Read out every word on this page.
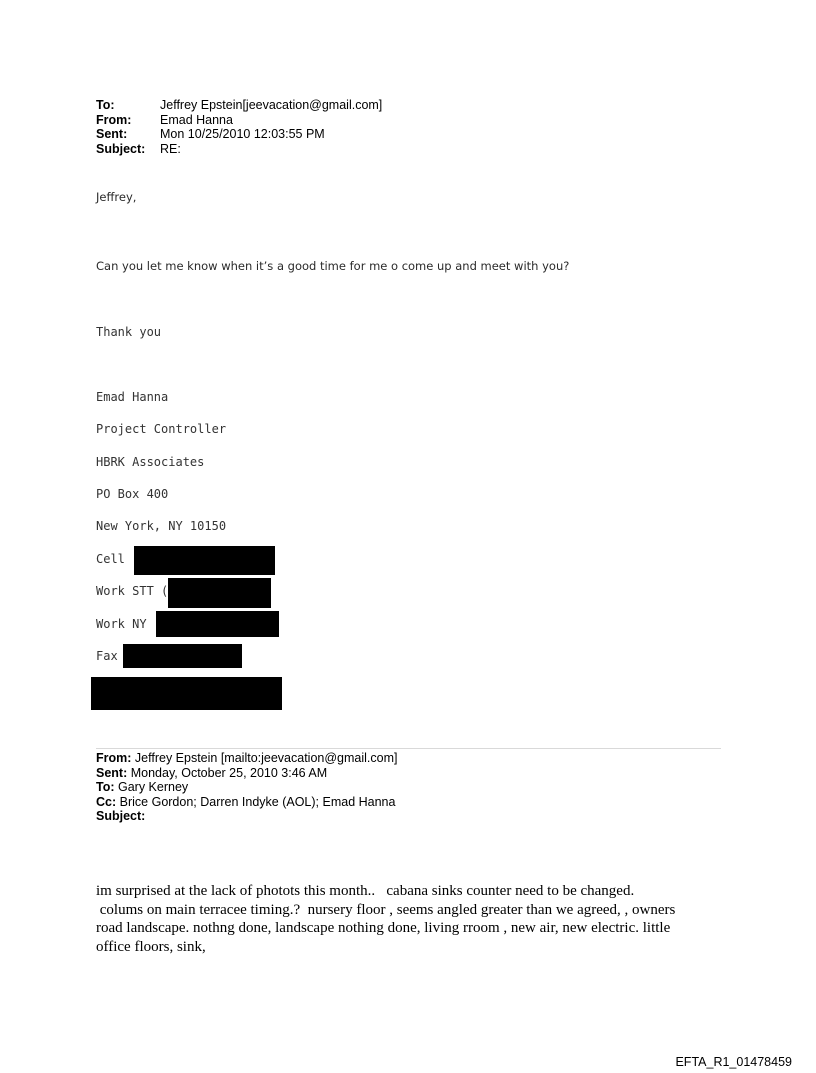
To:	Jeffrey Epstein[jeevacation@gmail.com]
From:	Emad Hanna
Sent:	Mon 10/25/2010 12:03:55 PM
Subject:	RE:
Jeffrey,
Can you let me know when it’s a good time for me o come up and meet with you?
Thank you
Emad Hanna
Project Controller
HBRK Associates
PO Box 400
New York, NY 10150
Cell
Work STT (
Work NY
Fax
From: Jeffrey Epstein [mailto:jeevacation@gmail.com]
Sent: Monday, October 25, 2010 3:46 AM
To: Gary Kerney
Cc: Brice Gordon; Darren Indyke (AOL); Emad Hanna
Subject:
im surprised at the lack of photots this month..   cabana sinks counter need to be changed.
colums on main terracee timing.?  nursery floor , seems angled greater than we agreed, , owners
road landscape. nothng done, landscape nothing done, living rroom , new air, new electric. little
office floors, sink,
EFTA_R1_01478459
